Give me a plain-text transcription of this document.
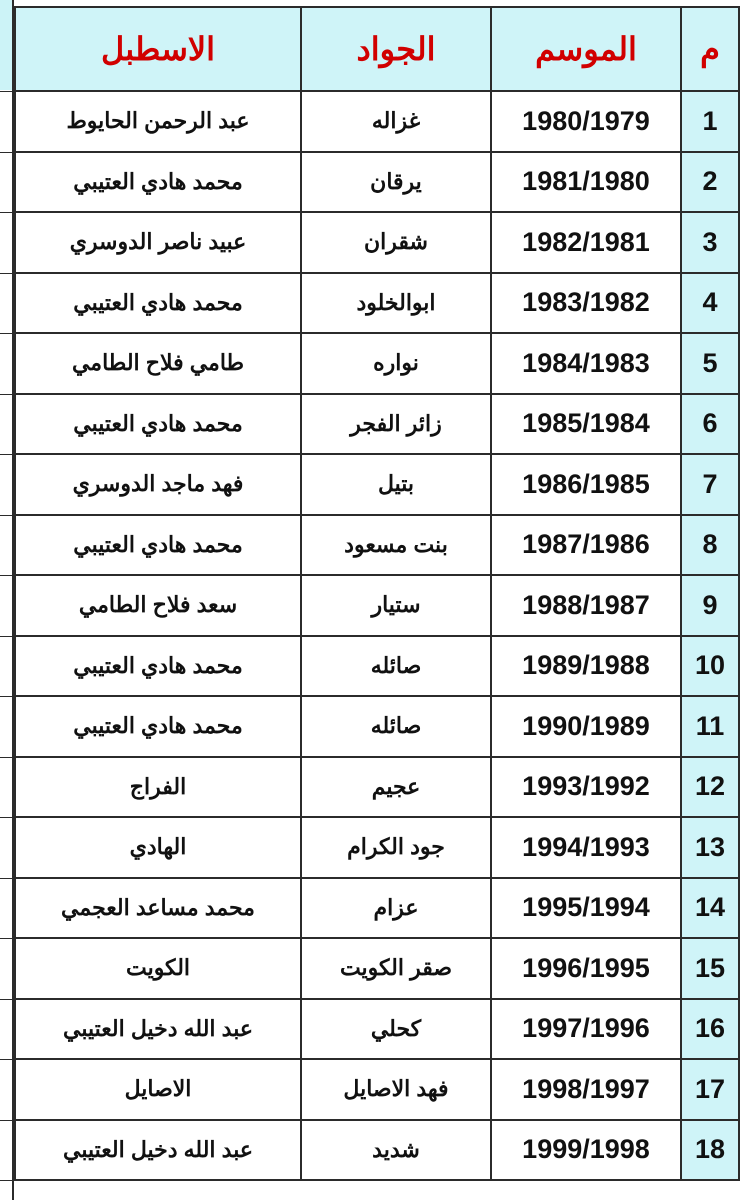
م	الموسم	الجواد	الاسطبل
1	1980/1979	غزاله	عبد الرحمن الحايوط
2	1981/1980	يرقان	محمد هادي العتيبي
3	1982/1981	شقران	عبيد ناصر الدوسري
4	1983/1982	ابوالخلود	محمد هادي العتيبي
5	1984/1983	نواره	طامي فلاح الطامي
6	1985/1984	زائر الفجر	محمد هادي العتيبي
7	1986/1985	بتيل	فهد ماجد الدوسري
8	1987/1986	بنت مسعود	محمد هادي العتيبي
9	1988/1987	ستيار	سعد فلاح الطامي
10	1989/1988	صائله	محمد هادي العتيبي
11	1990/1989	صائله	محمد هادي العتيبي
12	1993/1992	عجيم	الفراج
13	1994/1993	جود الكرام	الهادي
14	1995/1994	عزام	محمد مساعد العجمي
15	1996/1995	صقر الكويت	الكويت
16	1997/1996	كحلي	عبد الله دخيل العتيبي
17	1998/1997	فهد الاصايل	الاصايل
18	1999/1998	شديد	عبد الله دخيل العتيبي
